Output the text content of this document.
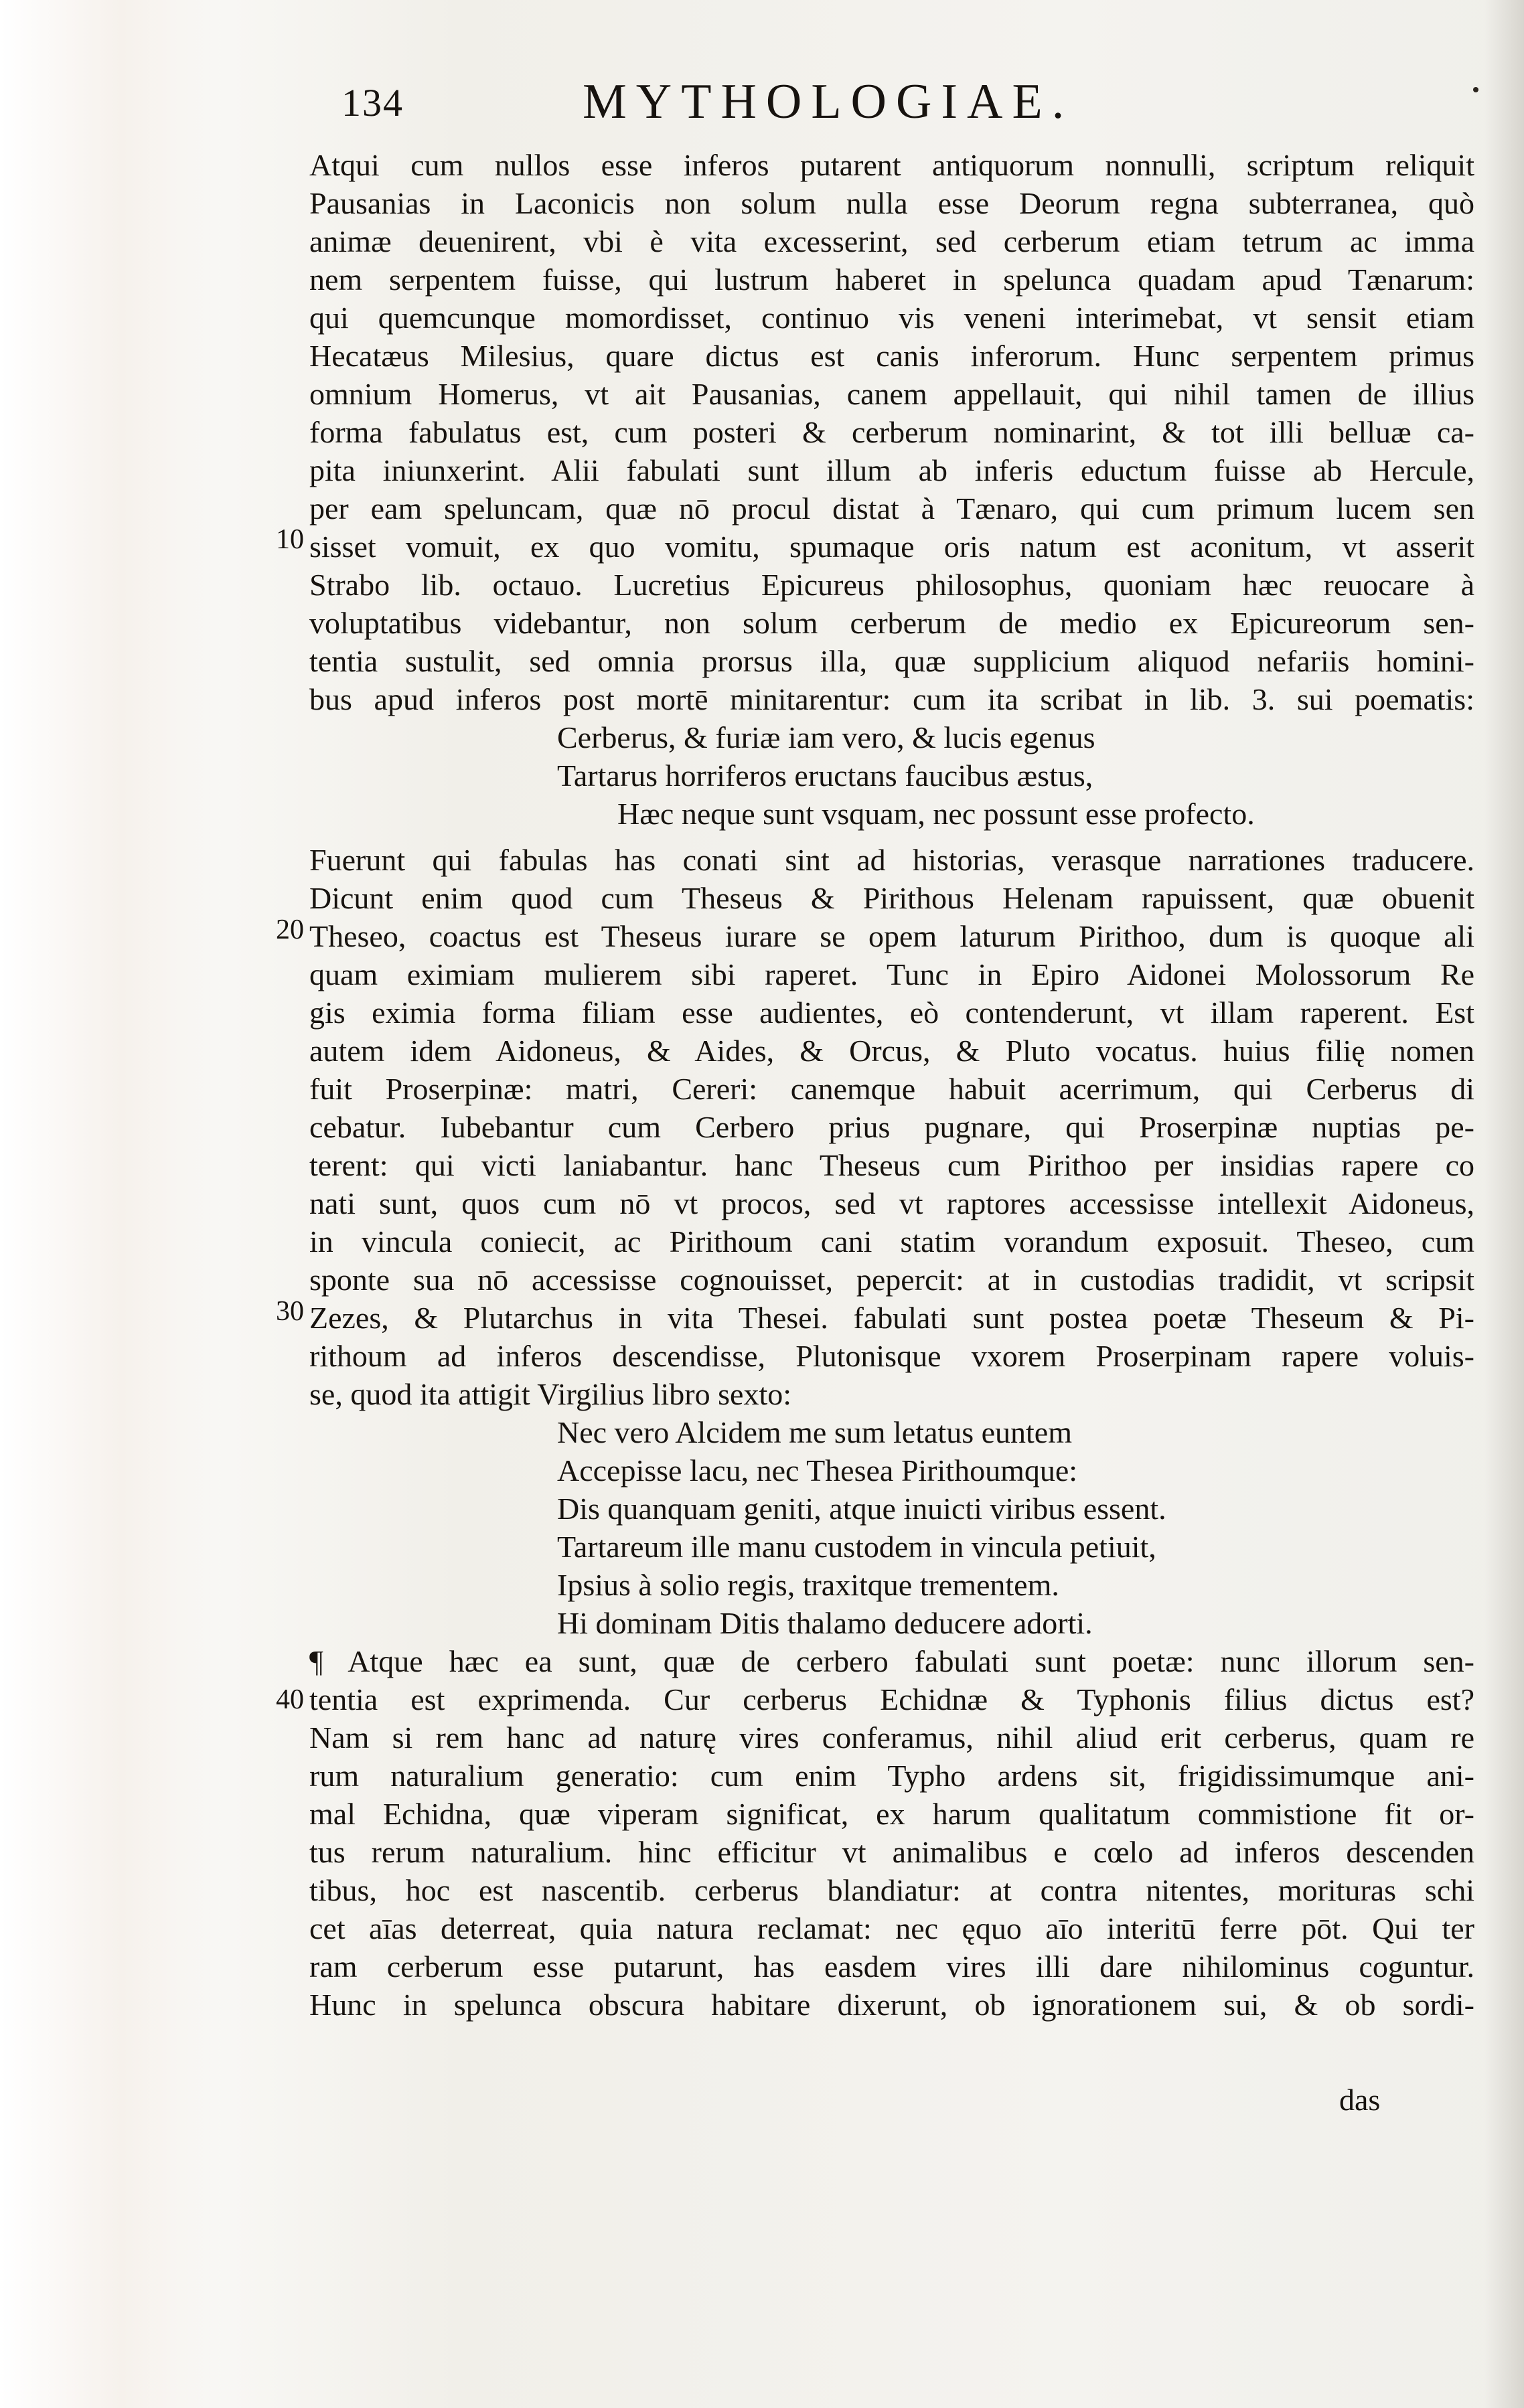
134	MYTHOLOGIAE.
10
20
30
40
Atqui cum nullos esse inferos putarent antiquorum nonnulli, scriptum reliquit
Pausanias in Laconicis non solum nulla esse Deorum regna subterranea, quò
animæ deuenirent, vbi è vita excesserint, sed cerberum etiam tetrum ac imma
nem serpentem fuisse, qui lustrum haberet in spelunca quadam apud Tænarum:
qui quemcunque momordisset, continuo vis veneni interimebat, vt sensit etiam
Hecatæus Milesius, quare dictus est canis inferorum. Hunc serpentem primus
omnium Homerus, vt ait Pausanias, canem appellauit, qui nihil tamen de illius
forma fabulatus est, cum posteri & cerberum nominarint, & tot illi belluæ ca-
pita iniunxerint. Alii fabulati sunt illum ab inferis eductum fuisse ab Hercule,
per eam speluncam, quæ nō procul distat à Tænaro, qui cum primum lucem sen
sisset vomuit, ex quo vomitu, spumaque oris natum est aconitum, vt asserit
Strabo lib. octauo. Lucretius Epicureus philosophus, quoniam hæc reuocare à
voluptatibus videbantur, non solum cerberum de medio ex Epicureorum sen-
tentia sustulit, sed omnia prorsus illa, quæ supplicium aliquod nefariis homini-
bus apud inferos post mortē minitarentur: cum ita scribat in lib. 3. sui poematis:
Cerberus, & furiæ iam vero, & lucis egenus
Tartarus horriferos eructans faucibus æstus,
Hæc neque sunt vsquam, nec possunt esse profecto.
Fuerunt qui fabulas has conati sint ad historias, verasque narrationes traducere.
Dicunt enim quod cum Theseus & Pirithous Helenam rapuissent, quæ obuenit
Theseo, coactus est Theseus iurare se opem laturum Pirithoo, dum is quoque ali
quam eximiam mulierem sibi raperet. Tunc in Epiro Aidonei Molossorum Re
gis eximia forma filiam esse audientes, eò contenderunt, vt illam raperent. Est
autem idem Aidoneus, & Aides, & Orcus, & Pluto vocatus. huius filię nomen
fuit Proserpinæ: matri, Cereri: canemque habuit acerrimum, qui Cerberus di
cebatur. Iubebantur cum Cerbero prius pugnare, qui Proserpinæ nuptias pe-
terent: qui victi laniabantur. hanc Theseus cum Pirithoo per insidias rapere co
nati sunt, quos cum nō vt procos, sed vt raptores accessisse intellexit Aidoneus,
in vincula coniecit, ac Pirithoum cani statim vorandum exposuit. Theseo, cum
sponte sua nō accessisse cognouisset, pepercit: at in custodias tradidit, vt scripsit
Zezes, & Plutarchus in vita Thesei. fabulati sunt postea poetæ Theseum & Pi-
rithoum ad inferos descendisse, Plutonisque vxorem Proserpinam rapere voluis-
se, quod ita attigit Virgilius libro sexto:
Nec vero Alcidem me sum letatus euntem
Accepisse lacu, nec Thesea Pirithoumque:
Dis quanquam geniti, atque inuicti viribus essent.
Tartareum ille manu custodem in vincula petiuit,
Ipsius à solio regis, traxitque trementem.
Hi dominam Ditis thalamo deducere adorti.
¶ Atque hæc ea sunt, quæ de cerbero fabulati sunt poetæ: nunc illorum sen-
tentia est exprimenda. Cur cerberus Echidnæ & Typhonis filius dictus est?
Nam si rem hanc ad naturę vires conferamus, nihil aliud erit cerberus, quam re
rum naturalium generatio: cum enim Typho ardens sit, frigidissimumque ani-
mal Echidna, quæ viperam significat, ex harum qualitatum commistione fit or-
tus rerum naturalium. hinc efficitur vt animalibus e cœlo ad inferos descenden
tibus, hoc est nascentib. cerberus blandiatur: at contra nitentes, morituras schi
cet aīas deterreat, quia natura reclamat: nec ęquo aīo interitū ferre pōt. Qui ter
ram cerberum esse putarunt, has easdem vires illi dare nihilominus coguntur.
Hunc in spelunca obscura habitare dixerunt, ob ignorationem sui, & ob sordi-
das
